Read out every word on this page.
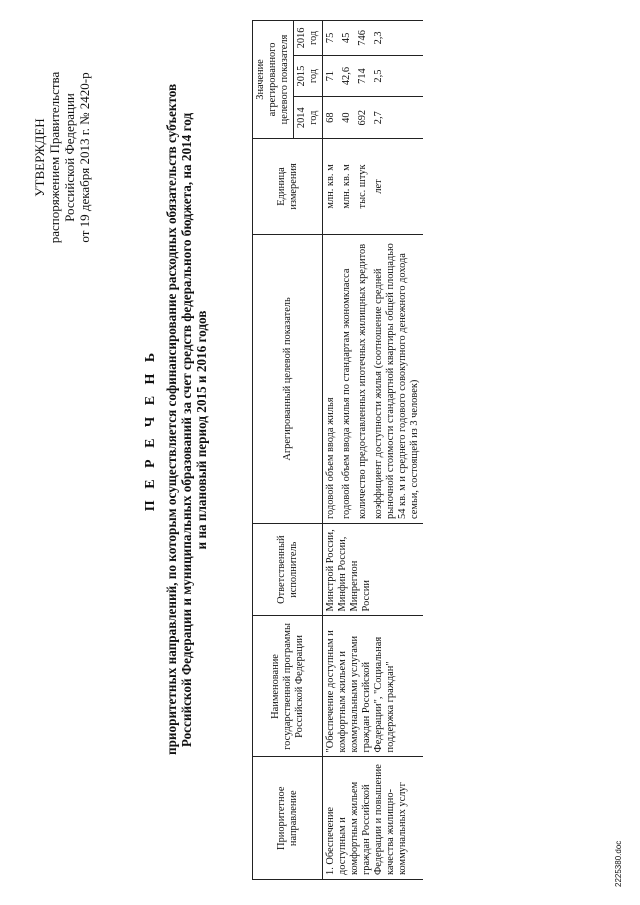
УТВЕРЖДЕН распоряжением Правительства Российской Федерации от 19 декабря 2013 г. № 2420-р
П Е Р Е Ч Е Н Ь приоритетных направлений, по которым осуществляется софинансирование расходных обязательств субъектов Российской Федерации и муниципальных образований за счет средств федерального бюджета, на 2014 год и на плановый период 2015 и 2016 годов
Приоритетное направление	Наименование государственной программы Российской Федерации	Ответственный исполнитель	Агрегированный целевой показатель	Единица измерения	Значение агрегированного целевого показателя		
					2014 год	2015 год	2016 год
1. Обеспечение доступным и комфортным жильем граждан Российской Федерации и повышение качества жилищно-коммунальных услуг	"Обеспечение доступным и комфортным жильем и коммунальными услугами граждан Российской Федерации", "Социальная поддержка граждан"	Минстрой России, Минфин России, Минрегион России	годовой объем ввода жилья	млн. кв. м	68	71	75
			годовой объем ввода жилья по стандартам экономкласса	млн. кв. м	40	42,6	45
			количество предоставленных ипотечных жилищных кредитов	тыс. штук	692	714	746
			коэффициент доступности жилья (соотношение средней рыночной стоимости стандартной квартиры общей площадью 54 кв. м и среднего годового совокупного денежного дохода семьи, состоящей из 3 человек)	лет	2,7	2,5	2,3
2225380.doc
